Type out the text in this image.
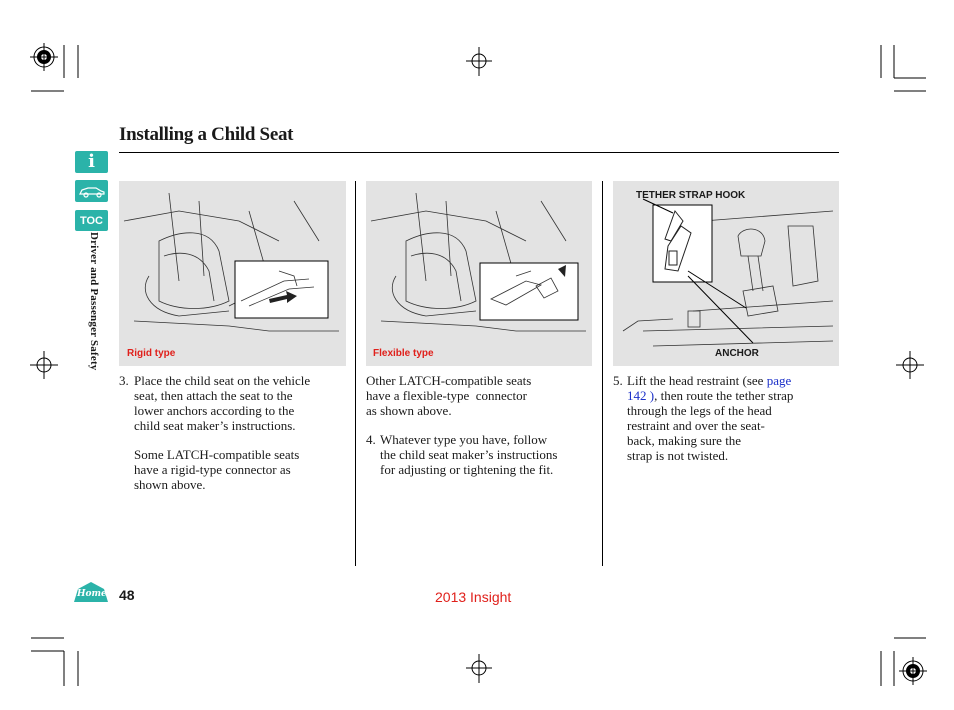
Installing a Child Seat
i
TOC
Driver and Passenger Safety
Home
Rigid type	Flexible type
TETHER STRAP HOOK
ANCHOR
3. Place the child seat on the vehicle
seat, then attach the seat to the
lower anchors according to the
child seat maker’s instructions.
Some LATCH-compatible seats
have a rigid-type connector as
shown above.
Other LATCH-compatible seats
have a flexible-type  connector
as shown above.
4. Whatever type you have, follow
the child seat maker’s instructions
for adjusting or tightening the fit.
5. Lift the head restraint (see page
142 ), then route the tether strap
through the legs of the head
restraint and over the seat-
back, making sure the
strap is not twisted.
48	2013 Insight
